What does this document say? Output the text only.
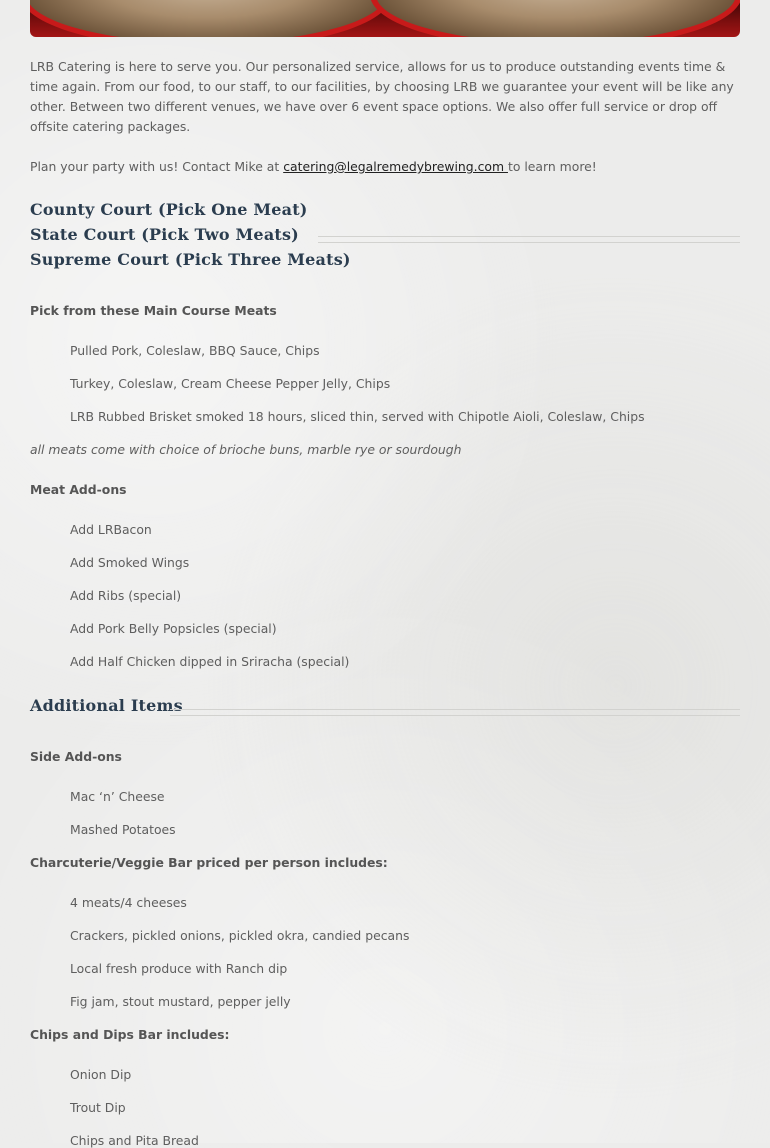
LRB Catering is here to serve you. Our personalized service, allows for us to produce outstanding events time & time again. From our food, to our staff, to our facilities, by choosing LRB we guarantee your event will be like any other. Between two different venues, we have over 6 event space options. We also offer full service or drop off offsite catering packages.

Plan your party with us! Contact Mike at catering@legalremedybrewing.com to learn more!

County Court (Pick One Meat)
State Court (Pick Two Meats)
Supreme Court (Pick Three Meats)
Pick from these Main Course Meats
Pulled Pork, Coleslaw, BBQ Sauce, Chips
Turkey, Coleslaw, Cream Cheese Pepper Jelly, Chips
LRB Rubbed Brisket smoked 18 hours, sliced thin, served with Chipotle Aioli, Coleslaw, Chips
all meats come with choice of brioche buns, marble rye or sourdough
Meat Add-ons
Add LRBacon
Add Smoked Wings
Add Ribs (special)
Add Pork Belly Popsicles (special)
Add Half Chicken dipped in Sriracha (special)
Additional Items
Side Add-ons
Mac ‘n’ Cheese
Mashed Potatoes
Charcuterie/Veggie Bar priced per person includes:
4 meats/4 cheeses
Crackers, pickled onions, pickled okra, candied pecans
Local fresh produce with Ranch dip
Fig jam, stout mustard, pepper jelly
Chips and Dips Bar includes:
Onion Dip
Trout Dip
Chips and Pita Bread
